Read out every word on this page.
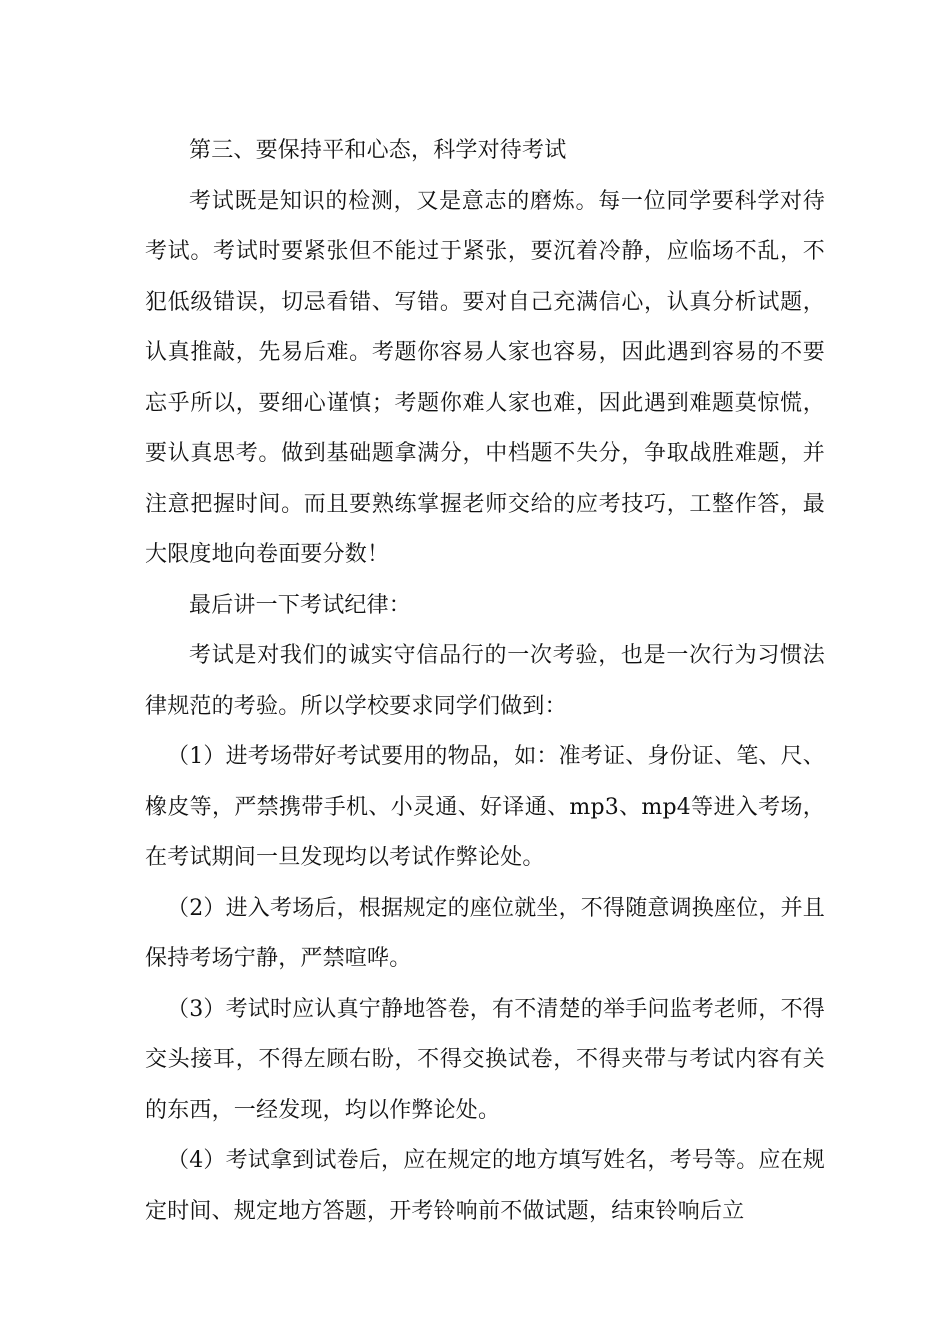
第三、要保持平和心态，科学对待考试

考试既是知识的检测，又是意志的磨炼。每一位同学要科学对待考试。考试时要紧张但不能过于紧张，要沉着冷静，应临场不乱，不犯低级错误，切忌看错、写错。要对自己充满信心，认真分析试题，认真推敲，先易后难。考题你容易人家也容易，因此遇到容易的不要忘乎所以，要细心谨慎；考题你难人家也难，因此遇到难题莫惊慌，要认真思考。做到基础题拿满分，中档题不失分，争取战胜难题，并注意把握时间。而且要熟练掌握老师交给的应考技巧，工整作答，最大限度地向卷面要分数！

最后讲一下考试纪律：

考试是对我们的诚实守信品行的一次考验，也是一次行为习惯法律规范的考验。所以学校要求同学们做到：

（1）进考场带好考试要用的物品，如：准考证、身份证、笔、尺、橡皮等，严禁携带手机、小灵通、好译通、mp3、mp4等进入考场，在考试期间一旦发现均以考试作弊论处。

（2）进入考场后，根据规定的座位就坐，不得随意调换座位，并且保持考场宁静，严禁喧哗。

（3）考试时应认真宁静地答卷，有不清楚的举手问监考老师，不得交头接耳，不得左顾右盼，不得交换试卷，不得夹带与考试内容有关的东西，一经发现，均以作弊论处。

（4）考试拿到试卷后，应在规定的地方填写姓名，考号等。应在规定时间、规定地方答题，开考铃响前不做试题，结束铃响后立
